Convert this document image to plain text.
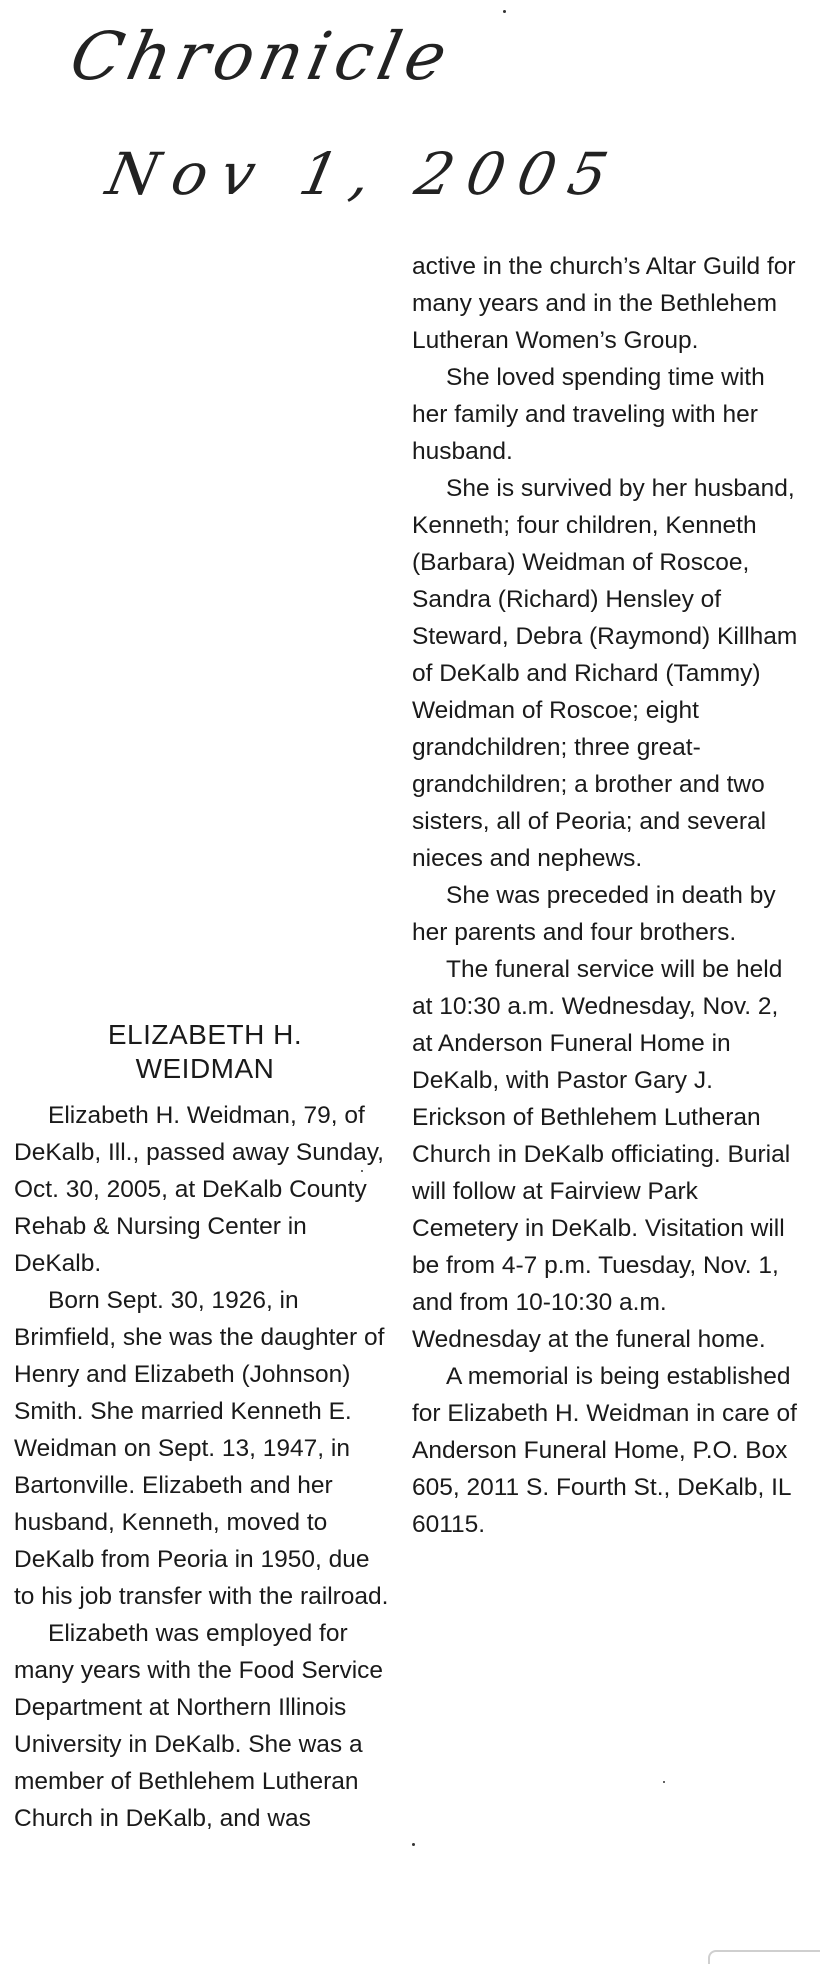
Chronicle
Nov 1, 2005
ELIZABETH H. WEIDMAN

Elizabeth H. Weidman, 79, of DeKalb, Ill., passed away Sunday, Oct. 30, 2005, at DeKalb County Rehab & Nursing Center in DeKalb.

Born Sept. 30, 1926, in Brimfield, she was the daughter of Henry and Elizabeth (Johnson) Smith. She married Kenneth E. Weidman on Sept. 13, 1947, in Bartonville. Elizabeth and her husband, Kenneth, moved to DeKalb from Peoria in 1950, due to his job transfer with the railroad.

Elizabeth was employed for many years with the Food Service Department at Northern Illinois University in DeKalb. She was a member of Bethlehem Lutheran Church in DeKalb, and was

active in the church’s Altar Guild for many years and in the Bethlehem Lutheran Women’s Group.

She loved spending time with her family and traveling with her husband.

She is survived by her husband, Kenneth; four children, Kenneth (Barbara) Weidman of Roscoe, Sandra (Richard) Hensley of Steward, Debra (Raymond) Killham of DeKalb and Richard (Tammy) Weidman of Roscoe; eight grandchildren; three great-grandchildren; a brother and two sisters, all of Peoria; and several nieces and nephews.

She was preceded in death by her parents and four brothers.

The funeral service will be held at 10:30 a.m. Wednesday, Nov. 2, at Anderson Funeral Home in DeKalb, with Pastor Gary J. Erickson of Bethlehem Lutheran Church in DeKalb officiating. Burial will follow at Fairview Park Cemetery in DeKalb. Visitation will be from 4-7 p.m. Tuesday, Nov. 1, and from 10-10:30 a.m. Wednesday at the funeral home.

A memorial is being established for Elizabeth H. Weidman in care of Anderson Funeral Home, P.O. Box 605, 2011 S. Fourth St., DeKalb, IL 60115.
